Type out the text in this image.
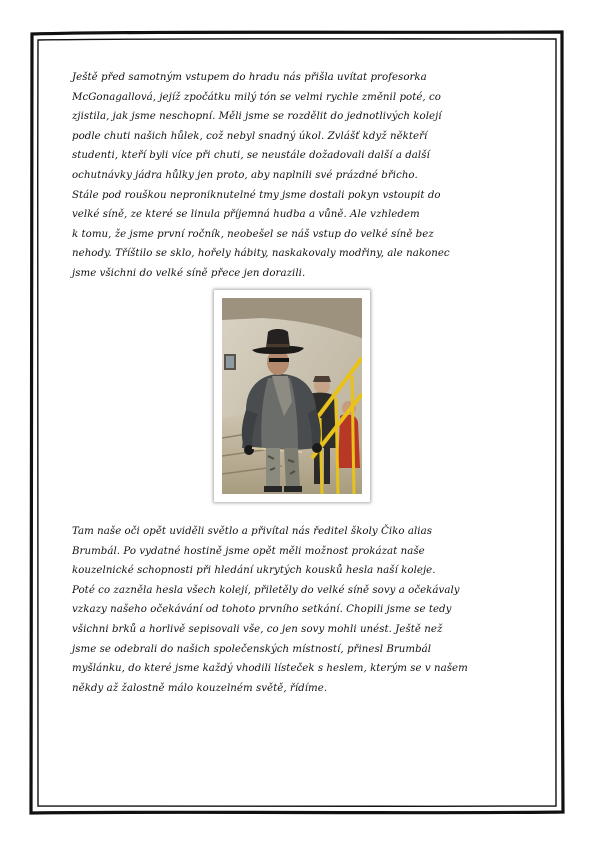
Ještě před samotným vstupem do hradu nás přišla uvítat profesorka
McGonagallová, jejíž zpočátku milý tón se velmi rychle změnil poté, co
zjistila, jak jsme neschopní. Měli jsme se rozdělit do jednotlivých kolejí
podle chuti našich hůlek, což nebyl snadný úkol. Zvlášť když někteří
studenti, kteří byli více při chuti, se neustále dožadovali další a další
ochutnávky jádra hůlky jen proto, aby naplnili své prázdné břicho.
Stále pod rouškou neproniknutelné tmy jsme dostali pokyn vstoupit do
velké síně, ze které se linula příjemná hudba a vůně. Ale vzhledem
k tomu, že jsme první ročník, neobešel se náš vstup do velké síně bez
nehody. Tříštilo se sklo, hořely hábity, naskakovaly modřiny, ale nakonec
jsme všichni do velké síně přece jen dorazili.

Tam naše oči opět uviděli světlo a přivítal nás ředitel školy Čiko alias
Brumbál. Po vydatné hostině jsme opět měli možnost prokázat naše
kouzelnické schopnosti při hledání ukrytých kousků hesla naší koleje.
Poté co zazněla hesla všech kolejí, přiletěly do velké síně sovy a očekávaly
vzkazy našeho očekávání od tohoto prvního setkání. Chopili jsme se tedy
všichni brků a horlivě sepisovali vše, co jen sovy mohli unést. Ještě než
jsme se odebrali do našich společenských místností, přinesl Brumbál
myšlánku, do které jsme každý vhodili lísteček s heslem, kterým se v našem
někdy až žalostně málo kouzelném světě, řídíme.
